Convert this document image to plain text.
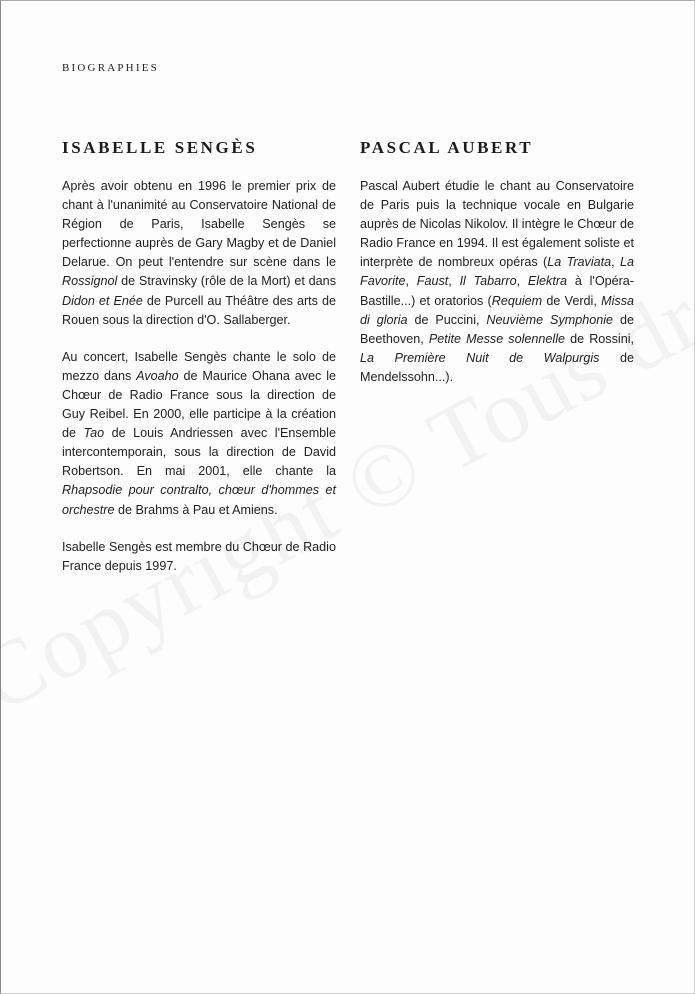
BIOGRAPHIES
ISABELLE SENGÈS

Après avoir obtenu en 1996 le premier prix de chant à l'unanimité au Conservatoire National de Région de Paris, Isabelle Sengès se perfectionne auprès de Gary Magby et de Daniel Delarue. On peut l'entendre sur scène dans le Rossignol de Stravinsky (rôle de la Mort) et dans Didon et Enée de Purcell au Théâtre des arts de Rouen sous la direction d'O. Sallaberger.

Au concert, Isabelle Sengès chante le solo de mezzo dans Avoaho de Maurice Ohana avec le Chœur de Radio France sous la direction de Guy Reibel. En 2000, elle participe à la création de Tao de Louis Andriessen avec l'Ensemble intercontemporain, sous la direction de David Robertson. En mai 2001, elle chante la Rhapsodie pour contralto, chœur d'hommes et orchestre de Brahms à Pau et Amiens.

Isabelle Sengès est membre du Chœur de Radio France depuis 1997.

PASCAL AUBERT

Pascal Aubert étudie le chant au Conservatoire de Paris puis la technique vocale en Bulgarie auprès de Nicolas Nikolov. Il intègre le Chœur de Radio France en 1994. Il est également soliste et interprète de nombreux opéras (La Traviata, La Favorite, Faust, Il Tabarro, Elektra à l'Opéra-Bastille...) et oratorios (Requiem de Verdi, Missa di gloria de Puccini, Neuvième Symphonie de Beethoven, Petite Messe solennelle de Rossini, La Première Nuit de Walpurgis de Mendelssohn...).
